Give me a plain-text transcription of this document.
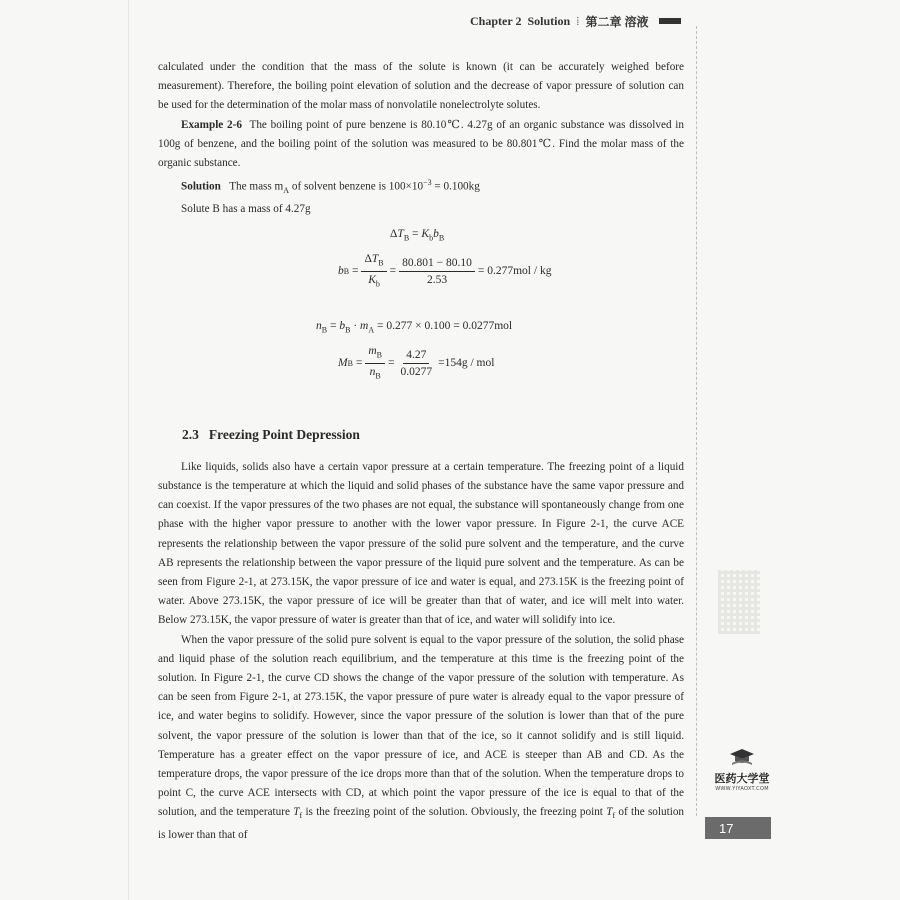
Chapter 2 Solution ⁞ 第二章 溶液

calculated under the condition that the mass of the solute is known (it can be accurately weighed before measurement). Therefore, the boiling point elevation of solution and the decrease of vapor pressure of solution can be used for the determination of the molar mass of nonvolatile nonelectrolyte solutes.

Example 2-6 The boiling point of pure benzene is 80.10℃. 4.27g of an organic substance was dissolved in 100g of benzene, and the boiling point of the solution was measured to be 80.801℃. Find the molar mass of the organic substance.

Solution The mass $m_A$ of solvent benzene is $100\times 10^{-3} = 0.100kg$

Solute B has a mass of 4.27g

$\Delta T_B = K_bb_B$
b $B = \frac{\Delta T_B}{K_b} = \frac{80.801 - 80.10}{2.53} = 0.277mol$ / kg
$n_B = b_B \cdot m_A = 0.277 \times 0.100 = 0.0277mol$
M $B = \frac{m_B}{n_B} = \frac{4.27}{0.0277} =154g$ / mol
2.3 Freezing Point Depression

Like liquids, solids also have a certain vapor pressure at a certain temperature. The freezing point of a liquid substance is the temperature at which the liquid and solid phases of the substance have the same vapor pressure and can coexist. If the vapor pressures of the two phases are not equal, the substance will spontaneously change from one phase with the higher vapor pressure to another with the lower vapor pressure. In Figure 2-1, the curve ACE represents the relationship between the vapor pressure of the solid pure solvent and the temperature, and the curve AB represents the relationship between the vapor pressure of the liquid pure solvent and the temperature. As can be seen from Figure 2-1, at 273.15K, the vapor pressure of ice and water is equal, and 273.15K is the freezing point of water. Above 273.15K, the vapor pressure of ice will be greater than that of water, and ice will melt into water. Below 273.15K, the vapor pressure of water is greater than that of ice, and water will solidify into ice.

When the vapor pressure of the solid pure solvent is equal to the vapor pressure of the solution, the solid phase and liquid phase of the solution reach equilibrium, and the temperature at this time is the freezing point of the solution. In Figure 2-1, the curve CD shows the change of the vapor pressure of the solution with temperature. As can be seen from Figure 2-1, at 273.15K, the vapor pressure of pure water is already equal to the vapor pressure of ice, and water begins to solidify. However, since the vapor pressure of the solution is lower than that of the pure solvent, the vapor pressure of the solution is lower than that of the ice, so it cannot solidify and is still liquid. Temperature has a greater effect on the vapor pressure of ice, and ACE is steeper than AB and CD. As the temperature drops, the vapor pressure of the ice drops more than that of the solution. When the temperature drops to point C, the curve ACE intersects with CD, at which point the vapor pressure of the ice is equal to that of the solution, and the temperature $T_f$ is the freezing point of the solution. Obviously, the freezing point $T_f$ of the solution is lower than that of

医药大学堂
WWW.YIYAOXT.COM
17
